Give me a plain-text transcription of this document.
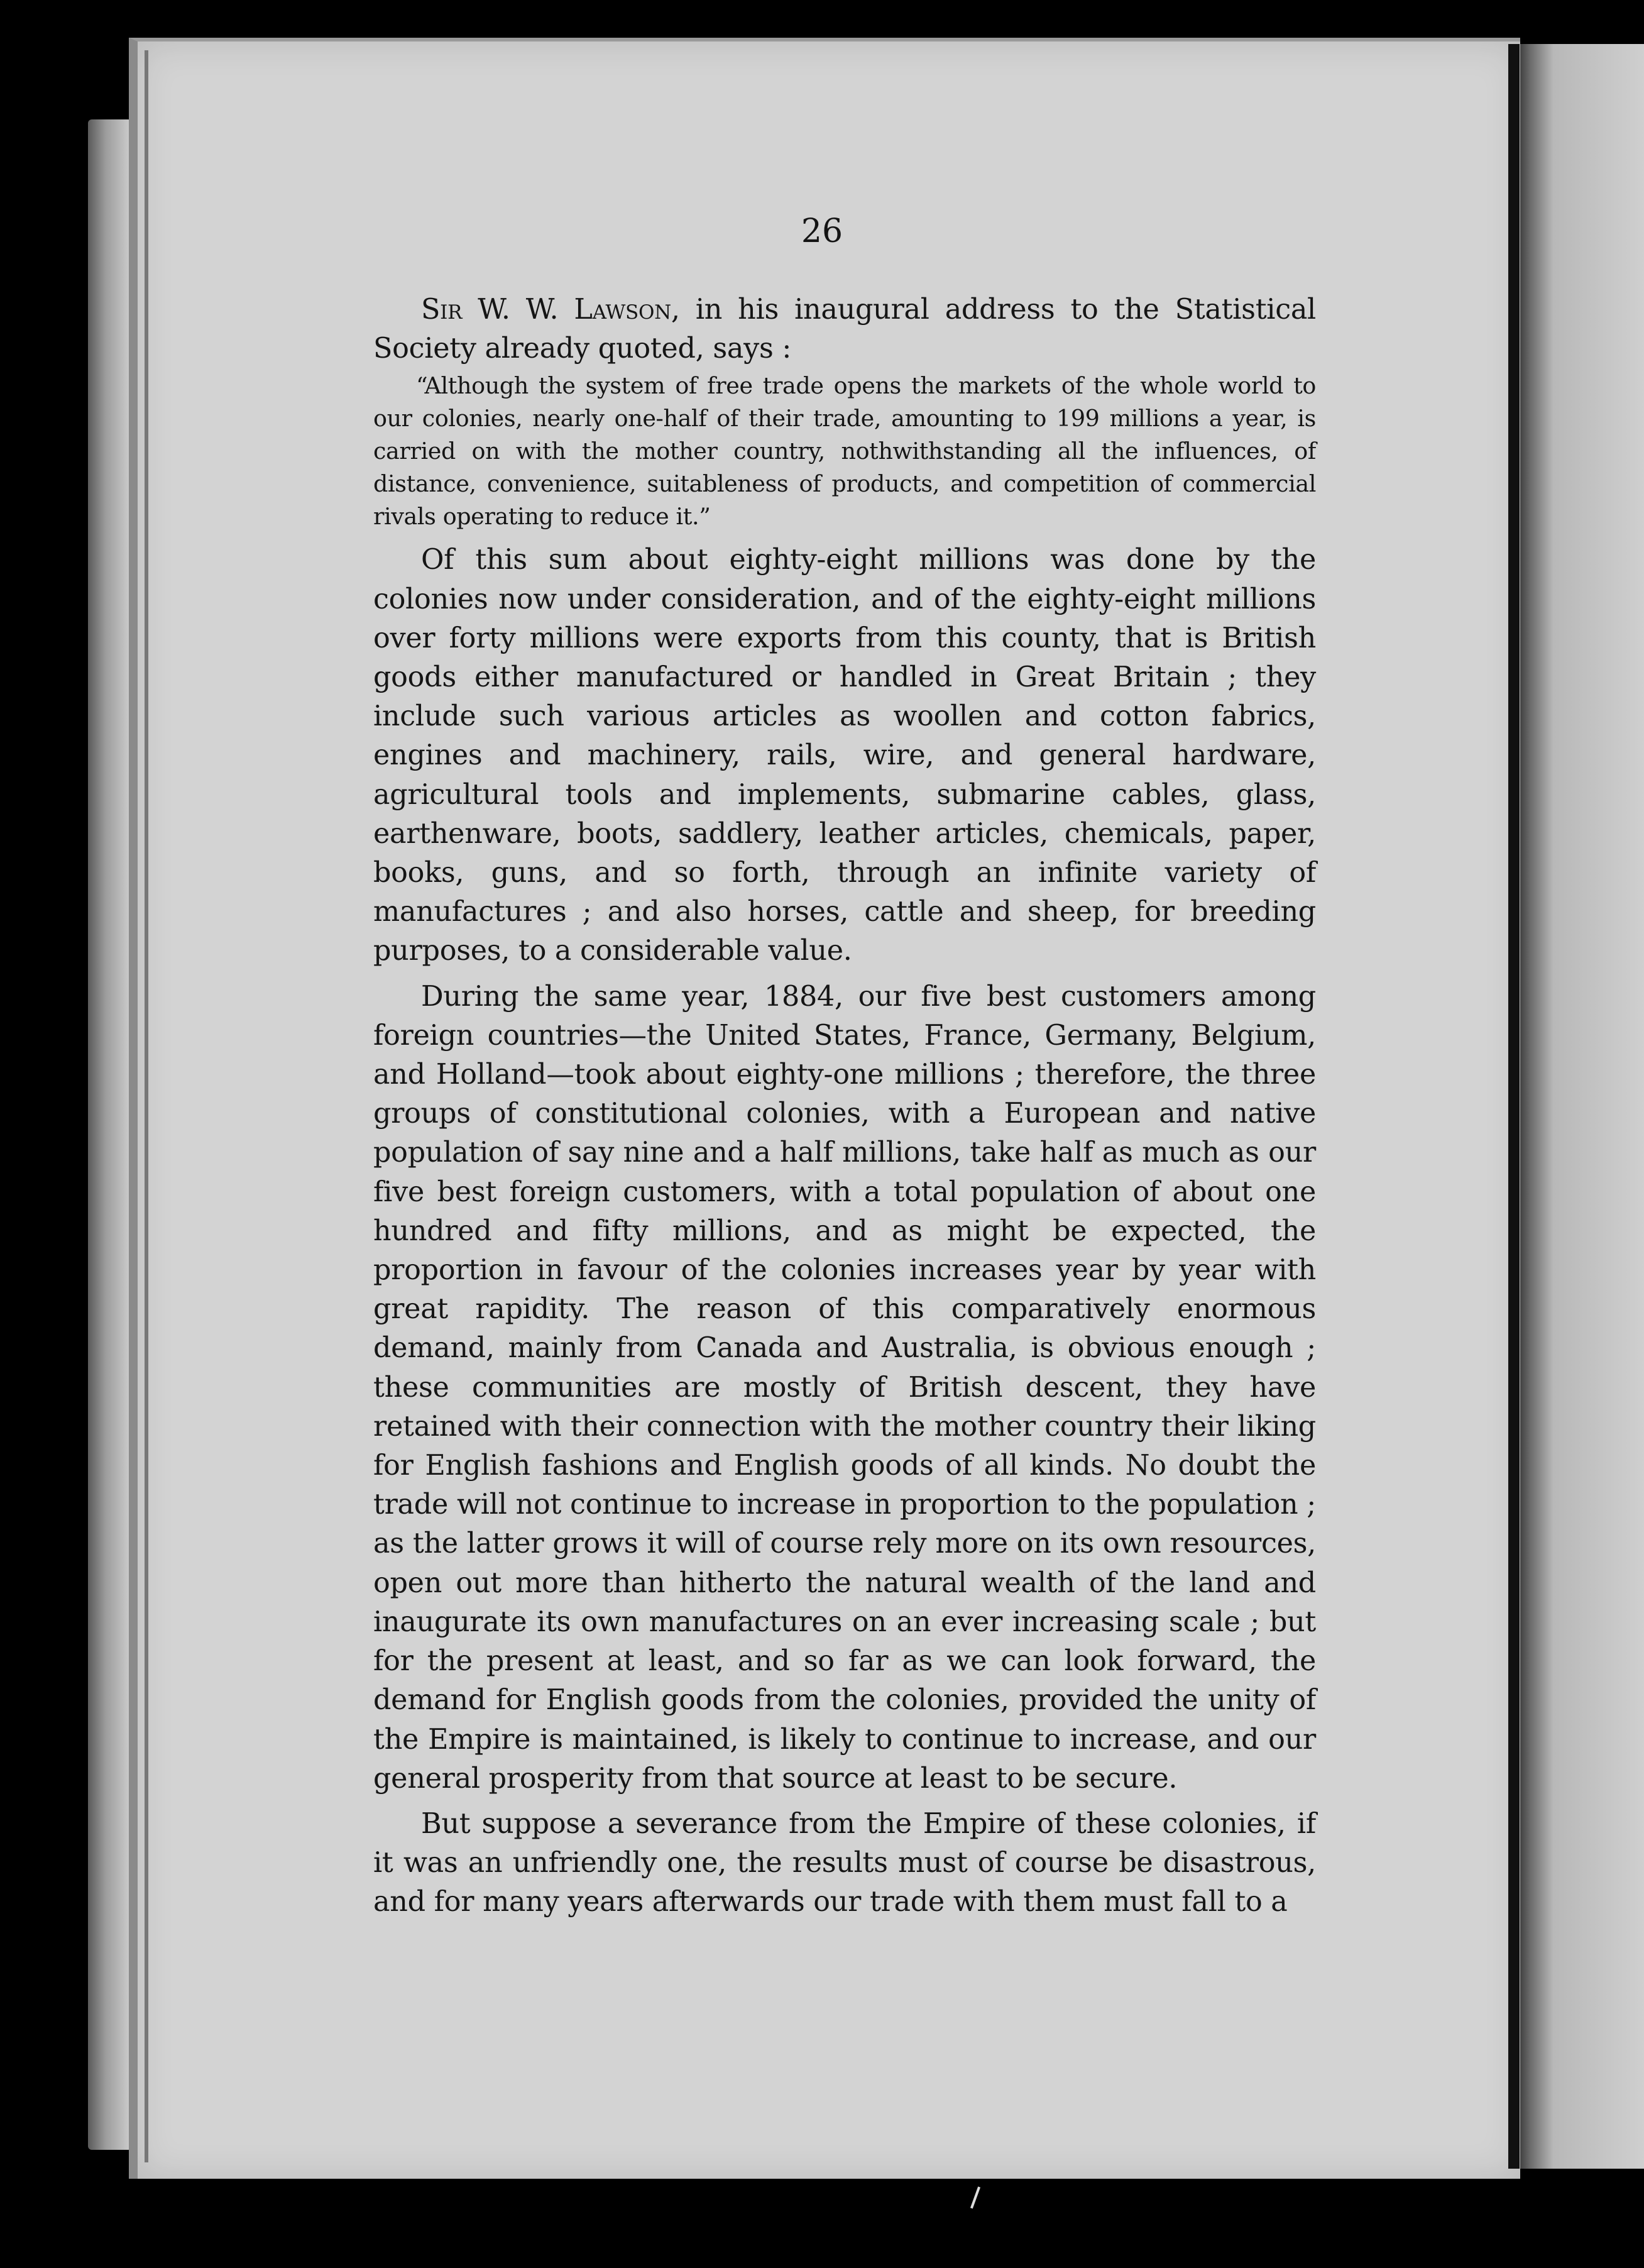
26

Sir W. W. Lawson, in his inaugural address to the Statistical Society already quoted, says :

“Although the system of free trade opens the markets of the whole world to our colonies, nearly one-half of their trade, amounting to 199 millions a year, is carried on with the mother country, nothwithstanding all the influences, of distance, convenience, suitableness of products, and competition of commercial rivals operating to reduce it.”

Of this sum about eighty-eight millions was done by the colonies now under consideration, and of the eighty-eight millions over forty millions were exports from this county, that is British goods either manufactured or handled in Great Britain ; they include such various articles as woollen and cotton fabrics, engines and machinery, rails, wire, and general hardware, agricultural tools and implements, submarine cables, glass, earthenware, boots, saddlery, leather articles, chemicals, paper, books, guns, and so forth, through an infinite variety of manufactures ; and also horses, cattle and sheep, for breeding purposes, to a considerable value.

During the same year, 1884, our five best customers among foreign countries—the United States, France, Germany, Belgium, and Holland—took about eighty-one millions ; therefore, the three groups of constitutional colonies, with a European and native population of say nine and a half millions, take half as much as our five best foreign customers, with a total population of about one hundred and fifty millions, and as might be expected, the proportion in favour of the colonies increases year by year with great rapidity. The reason of this comparatively enormous demand, mainly from Canada and Australia, is obvious enough ; these communities are mostly of British descent, they have retained with their connection with the mother country their liking for English fashions and English goods of all kinds. No doubt the trade will not continue to increase in proportion to the population ; as the latter grows it will of course rely more on its own resources, open out more than hitherto the natural wealth of the land and inaugurate its own manufactures on an ever increasing scale ; but for the present at least, and so far as we can look forward, the demand for English goods from the colonies, provided the unity of the Empire is maintained, is likely to continue to increase, and our general prosperity from that source at least to be secure.

But suppose a severance from the Empire of these colonies, if it was an unfriendly one, the results must of course be disastrous, and for many years afterwards our trade with them must fall to a
